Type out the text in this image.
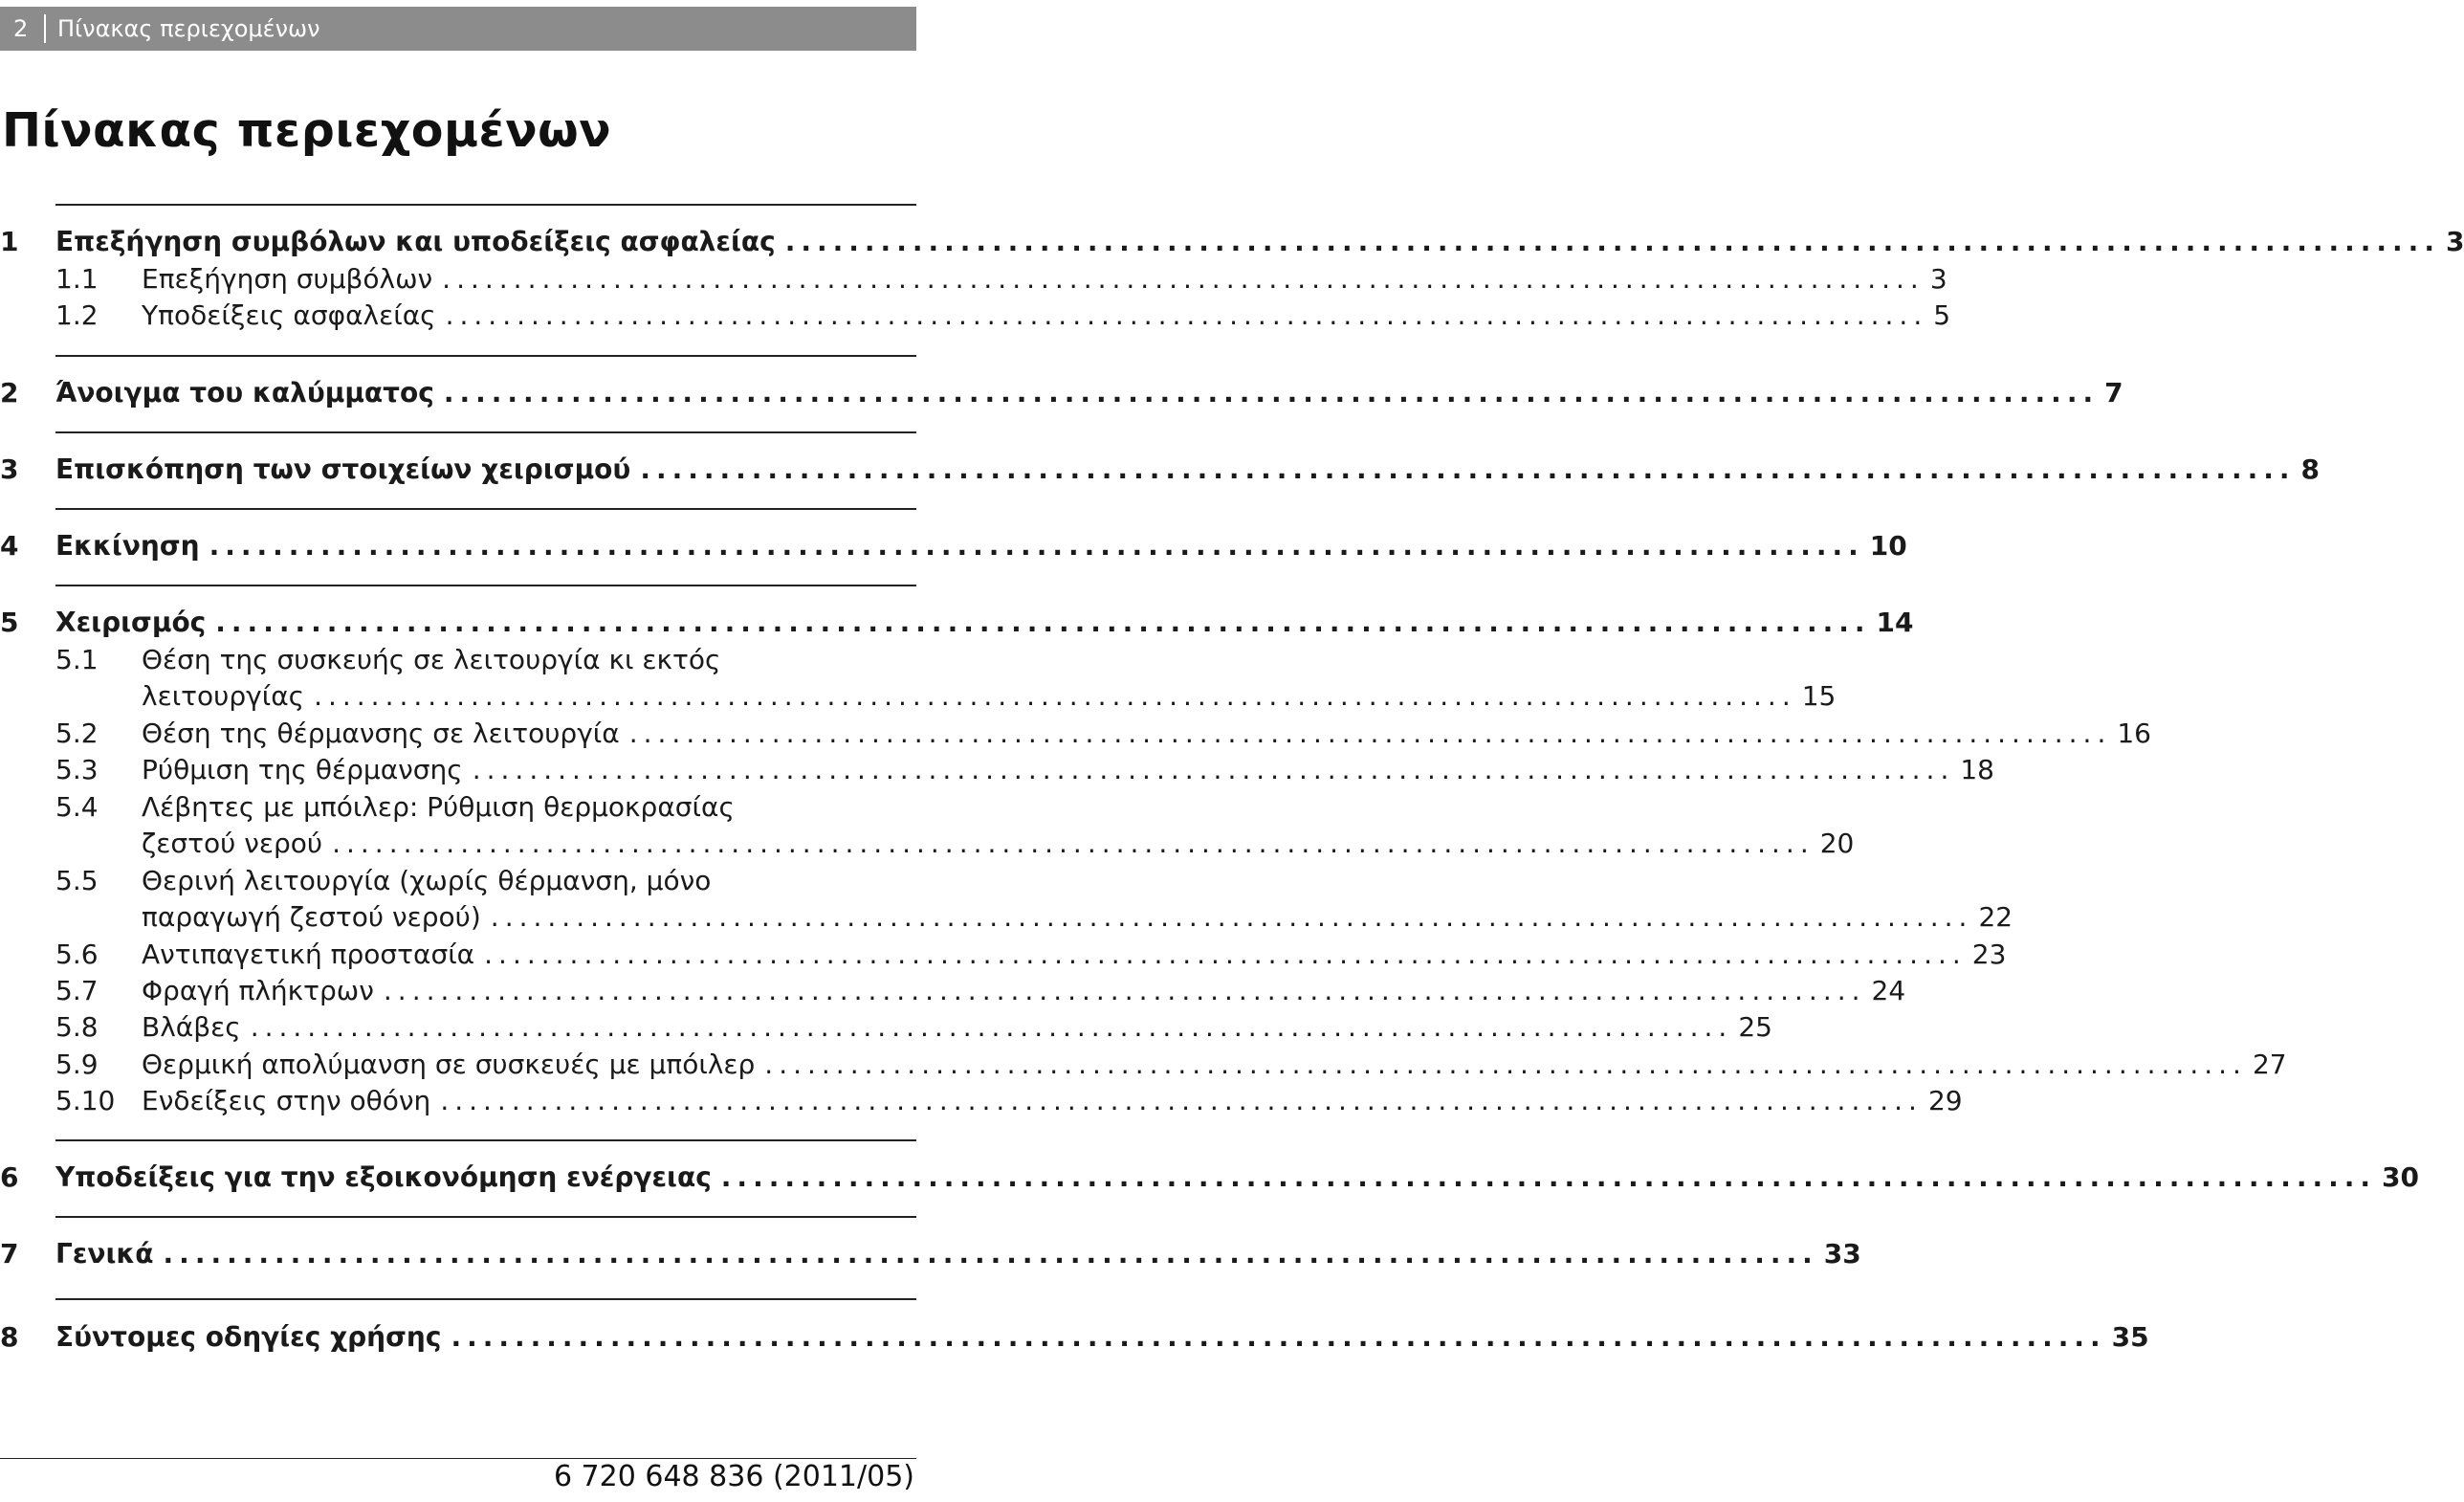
2 Πίνακας περιεχομένων
Πίνακας περιεχομένων
1 Επεξήγηση συμβόλων και υποδείξεις ασφαλείας ........................................................................................................ 3
1.1	Επεξήγηση συμβόλων ........................................................................................................ 3
1.2	Υποδείξεις ασφαλείας ........................................................................................................ 5
2 Άνοιγμα του καλύμματος ........................................................................................................ 7
3 Επισκόπηση των στοιχείων χειρισμού ........................................................................................................ 8
4 Εκκίνηση ........................................................................................................ 10
5 Χειρισμός ........................................................................................................ 14
5.1	Θέση της συσκευής σε λειτουργία κι εκτός
λειτουργίας ........................................................................................................ 15
5.2	Θέση της θέρμανσης σε λειτουργία ........................................................................................................ 16
5.3	Ρύθμιση της θέρμανσης ........................................................................................................ 18
5.4	Λέβητες με μπόιλερ: Ρύθμιση θερμοκρασίας
ζεστού νερού ........................................................................................................ 20
5.5	Θερινή λειτουργία (χωρίς θέρμανση, μόνο
παραγωγή ζεστού νερού) ........................................................................................................ 22
5.6	Αντιπαγετική προστασία ........................................................................................................ 23
5.7	Φραγή πλήκτρων ........................................................................................................ 24
5.8	Βλάβες ........................................................................................................ 25
5.9	Θερμική απολύμανση σε συσκευές με μπόιλερ ........................................................................................................ 27
5.10 Ενδείξεις στην οθόνη ........................................................................................................ 29
6 Υποδείξεις για την εξοικονόμηση ενέργειας ........................................................................................................ 30
7 Γενικά ........................................................................................................ 33
8 Σύντομες οδηγίες χρήσης ........................................................................................................ 35
6 720 648 836 (2011/05)
